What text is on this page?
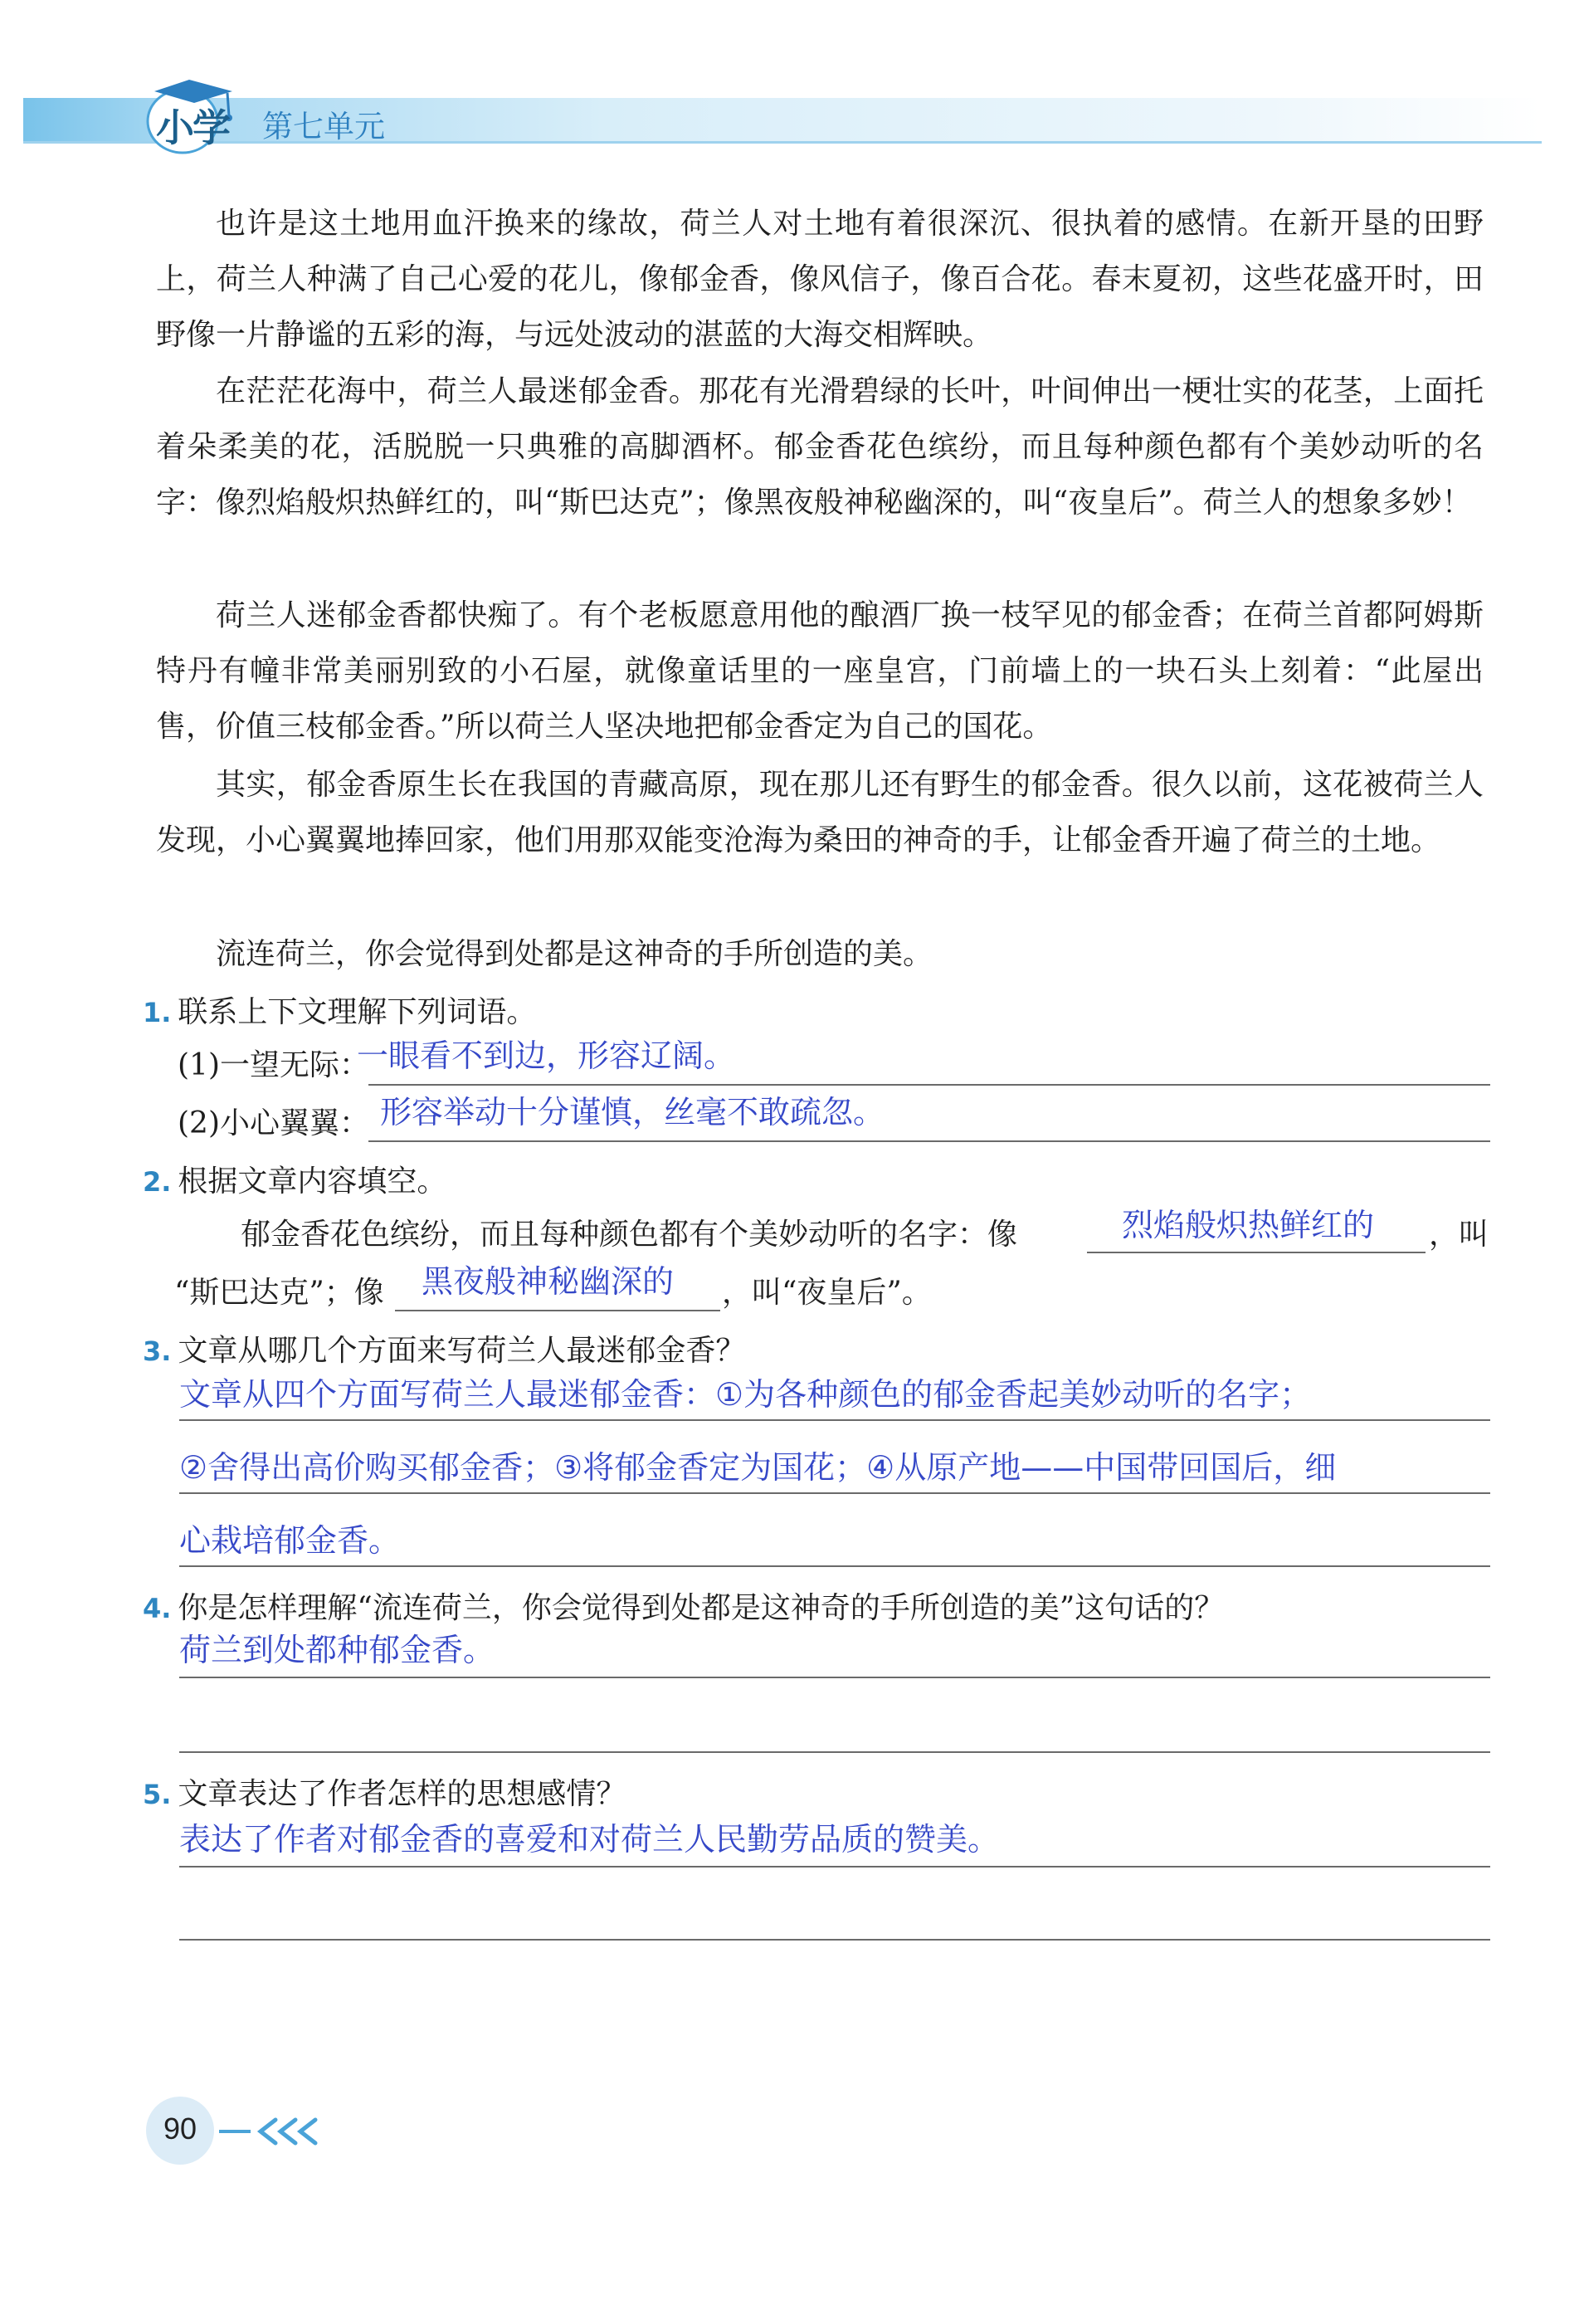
小学 第七单元

也许是这土地用血汗换来的缘故，荷兰人对土地有着很深沉、很执着的感情。在新开垦的田野上，荷兰人种满了自己心爱的花儿，像郁金香，像风信子，像百合花。春末夏初，这些花盛开时，田野像一片静谧的五彩的海，与远处波动的湛蓝的大海交相辉映。

在茫茫花海中，荷兰人最迷郁金香。那花有光滑碧绿的长叶，叶间伸出一梗壮实的花茎，上面托着朵柔美的花，活脱脱一只典雅的高脚酒杯。郁金香花色缤纷，而且每种颜色都有个美妙动听的名字：像烈焰般炽热鲜红的，叫“斯巴达克”；像黑夜般神秘幽深的，叫“夜皇后”。荷兰人的想象多妙！

荷兰人迷郁金香都快痴了。有个老板愿意用他的酿酒厂换一枝罕见的郁金香；在荷兰首都阿姆斯特丹有幢非常美丽别致的小石屋，就像童话里的一座皇宫，门前墙上的一块石头上刻着：“此屋出售，价值三枝郁金香。”所以荷兰人坚决地把郁金香定为自己的国花。

其实，郁金香原生长在我国的青藏高原，现在那儿还有野生的郁金香。很久以前，这花被荷兰人发现，小心翼翼地捧回家，他们用那双能变沧海为桑田的神奇的手，让郁金香开遍了荷兰的土地。

流连荷兰，你会觉得到处都是这神奇的手所创造的美。

1. 联系上下文理解下列词语。
(1)一望无际：
一眼看不到边，形容辽阔。
(2)小心翼翼： 形容举动十分谨慎，丝毫不敢疏忽。
2. 根据文章内容填空。
郁金香花色缤纷，而且每种颜色都有个美妙动听的名字：像	烈焰般炽热鲜红的 ，叫
“斯巴达克”；像 黑夜般神秘幽深的 ，叫“夜皇后”。
3. 文章从哪几个方面来写荷兰人最迷郁金香？
文章从四个方面写荷兰人最迷郁金香：①为各种颜色的郁金香起美妙动听的名字；
②舍得出高价购买郁金香；③将郁金香定为国花；④从原产地——中国带回国后，细
心栽培郁金香。
4. 你是怎样理解“流连荷兰，你会觉得到处都是这神奇的手所创造的美”这句话的？
荷兰到处都种郁金香。
5. 文章表达了作者怎样的思想感情？
表达了作者对郁金香的喜爱和对荷兰人民勤劳品质的赞美。
90
